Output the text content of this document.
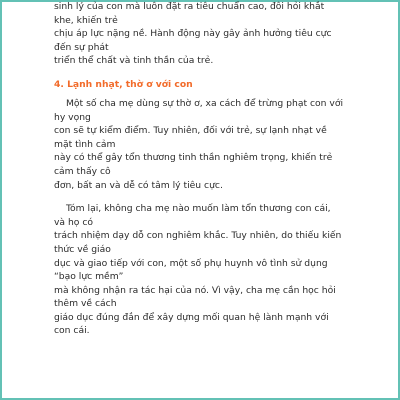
sinh lý của con mà luôn đặt ra tiêu chuẩn cao, đôi hỏi khắt khe, khiến trẻ
chịu áp lực nặng nề. Hành động này gây ảnh hưởng tiêu cực đến sự phát
triển thể chất và tinh thần của trẻ.
4. Lạnh nhạt, thờ ơ với con
Một số cha mẹ dùng sự thờ ơ, xa cách để trừng phạt con với hy vọng
con sẽ tự kiểm điểm. Tuy nhiên, đối với trẻ, sự lạnh nhạt về mặt tình cảm
này có thể gây tổn thương tinh thần nghiêm trọng, khiến trẻ cảm thấy cô
đơn, bất an và dễ có tâm lý tiêu cực.
Tóm lại, không cha mẹ nào muốn làm tổn thương con cái, và họ có
trách nhiệm dạy dỗ con nghiêm khắc. Tuy nhiên, do thiếu kiến thức về giáo
dục và giao tiếp với con, một số phụ huynh vô tình sử dụng “bạo lực mềm”
mà không nhận ra tác hại của nó. Vì vậy, cha mẹ cần học hỏi thêm về cách
giáo dục đúng đắn để xây dựng mối quan hệ lành mạnh với con cái.
